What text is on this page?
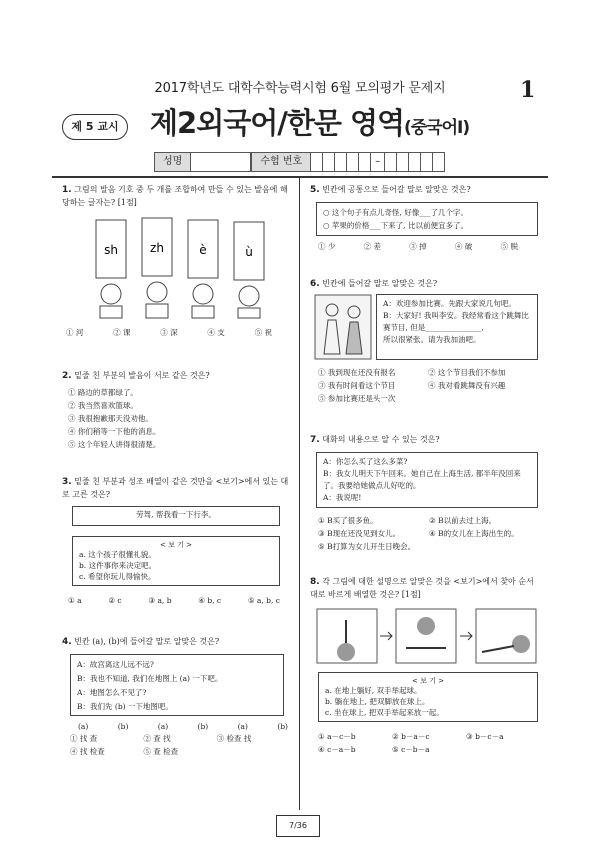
2017학년도 대학수학능력시험 6월 모의평가 문제지	1
제 5 교시	제2외국어/한문 영역(중국어Ⅰ)
성명	수험 번호	–
1. 그림의 발음 기호 중 두 개를 조합하여 만들 수 있는 발음에 해당하는 글자는? [1점]
sh	zh	è	ù
① 河	② 课	③ 深	④ 支	⑤ 祝
2. 밑줄 친 부분의 발음이 서로 같은 것은?
① 路边的草都绿了。
② 我当然喜欢篮球。
③ 我很抱歉那天没劝他。
④ 你们稍等一下他的消息。
⑤ 这个年轻人讲得很清楚。
3. 밑줄 친 부분과 성조 배열이 같은 것만을 <보기>에서 있는 대로 고른 것은?
劳驾, 帮我看一下行李。
< 보 기 >
a. 这个孩子很懂礼貌。
b. 这件事你来决定吧。
c. 希望你玩儿得愉快。
① a	② c	③ a, b	④ b, c	⑤ a, b, c
4. 빈칸 (a), (b)에 들어갈 말로 알맞은 것은?
A：故宫离这儿远不远?
B：我也不知道, 我们在地图上 (a) 一下吧。
A：地图怎么不见了?
B：我们先 (b) 一下地图吧。
(a)	(b)	(a)	(b)	(a)	(b)
① 找 查	② 查 找	③ 检查 找
④ 找 检查	⑤ 查 检查
5. 빈칸에 공통으로 들어갈 말로 알맞은 것은?
○ 这个句子有点儿奇怪, 好像___了几个字。
○ 苹果的价格___下来了, 比以前便宜多了。
① 少	② 差	③ 掉	④ 破	⑤ 脱
6. 빈칸에 들어갈 말로 알맞은 것은?
A：欢迎参加比赛。先跟大家说几句吧。
B：大家好! 我叫李安。我经常看这个跳舞比赛节目, 但是_______________,
所以很紧张。请为我加油吧。
① 我到现在还没有报名	② 这个节目我们不参加
③ 我有时间看这个节目	④ 我对看跳舞没有兴趣
⑤ 参加比赛还是头一次
7. 대화의 내용으로 알 수 있는 것은?
A：你怎么买了这么多菜?
B：我女儿明天下午回来。她自己在上海生活, 都半年没回来了。我要给她做点儿好吃的。
A：我说呢!
① B买了很多鱼。	② B以前去过上海。
③ B现在还没见到女儿。	④ B的女儿在上海出生的。
⑤ B打算为女儿开生日晚会。
8. 각 그림에 대한 설명으로 알맞은 것을 <보기>에서 찾아 순서대로 바르게 배열한 것은? [1점]
< 보 기 >
a. 在地上躺好, 双手举起球。
b. 躺在地上, 把双脚放在球上。
c. 坐在球上, 把双手举起来放一起。
① a－c－b	② b－a－c	③ b－c－a
④ c－a－b	⑤ c－b－a
7/36
